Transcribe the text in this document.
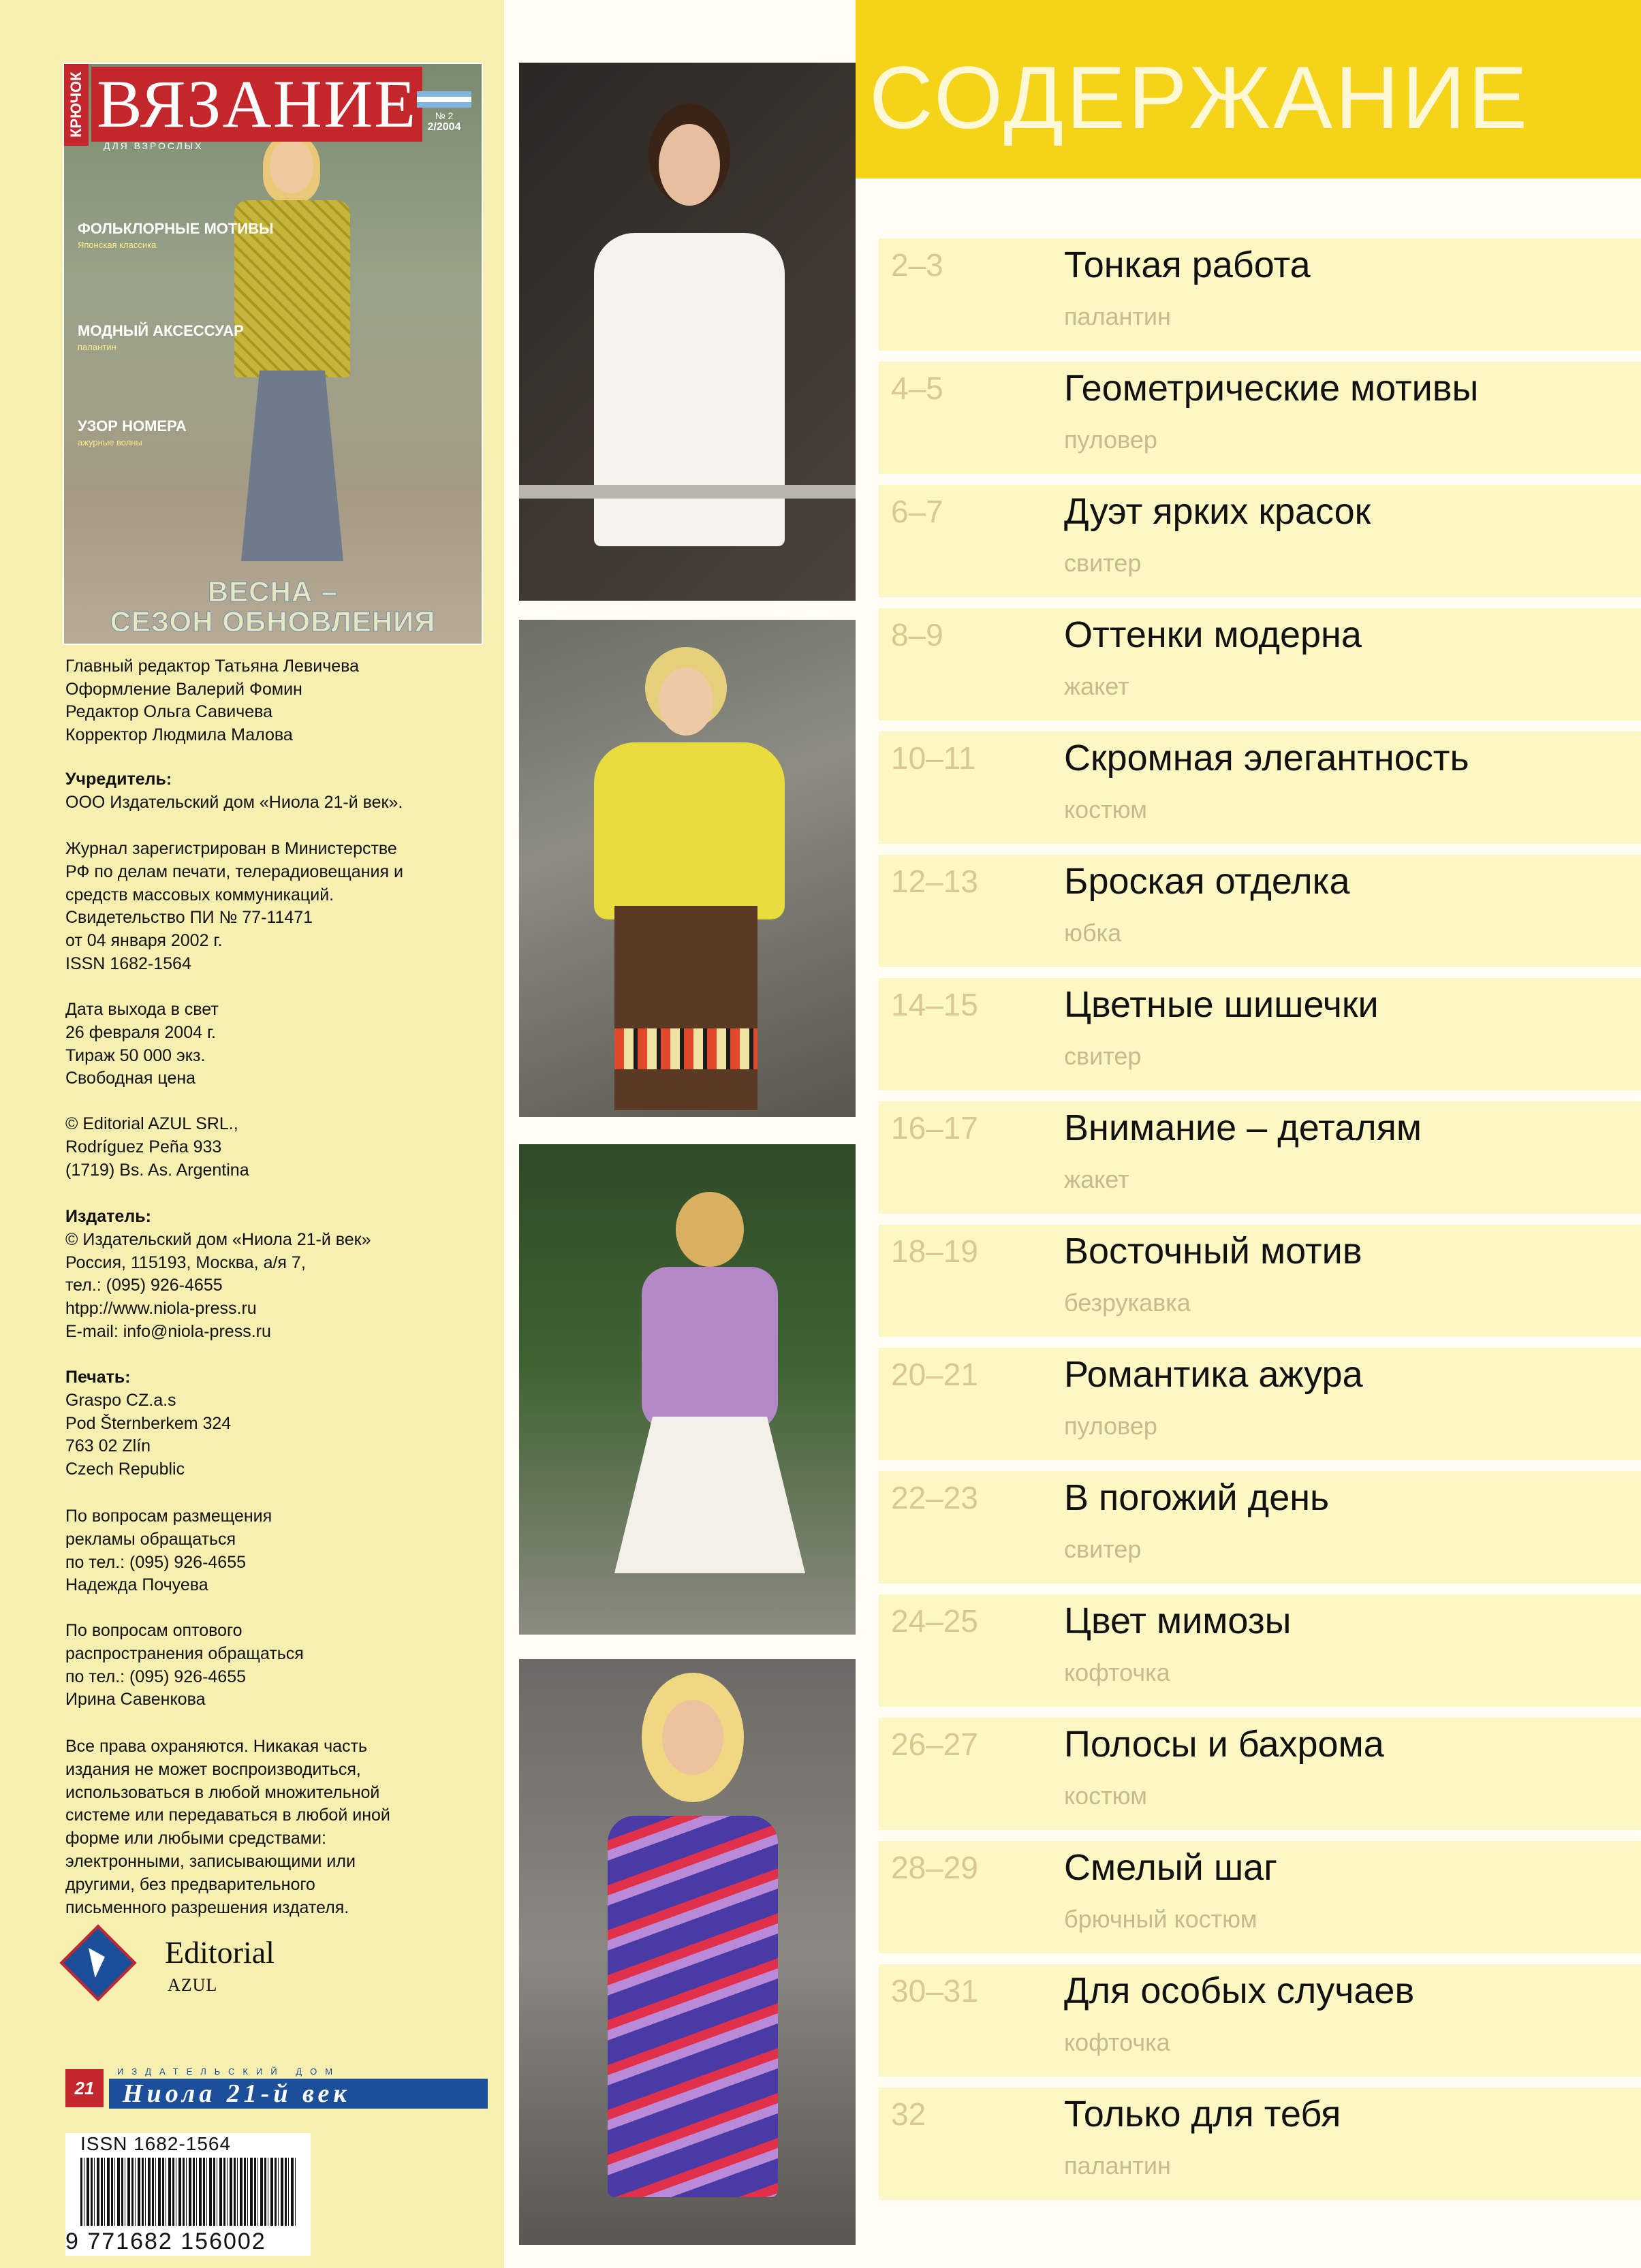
КРЮЧОК ВЯЗАНИЕ
ДЛЯ ВЗРОСЛЫХ
№ 2
2/2004
ФОЛЬКЛОРНЫЕ МОТИВЫ
Японская классика
МОДНЫЙ АКСЕССУАР
палантин
УЗОР НОМЕРА
ажурные волны
ВЕСНА –
СЕЗОН ОБНОВЛЕНИЯ
Главный редактор Татьяна Левичева
Оформление Валерий Фомин
Редактор Ольга Савичева
Корректор Людмила Малова

Учредитель:

ООО Издательский дом «Ниола 21-й век».

Журнал зарегистрирован в Министерстве

РФ по делам печати, телерадиовещания и

средств массовых коммуникаций.

Свидетельство ПИ № 77-11471

от 04 января 2002 г.

ISSN 1682-1564

Дата выхода в свет

26 февраля 2004 г.

Тираж 50 000 экз.

Свободная цена

© Editorial AZUL SRL.,

Rodríguez Peña 933

(1719) Bs. As. Argentina

Издатель:

© Издательский дом «Ниола 21-й век»

Россия, 115193, Москва, а/я 7,

тел.: (095) 926-4655

htpp://www.niola-press.ru

E-mail: info@niola-press.ru

Печать:

Graspo CZ.a.s

Pod Šternberkem 324

763 02 Zlín

Czech Republic

По вопросам размещения

рекламы обращаться

по тел.: (095) 926-4655

Надежда Почуева

По вопросам оптового

распространения обращаться

по тел.: (095) 926-4655

Ирина Савенкова

Все права охраняются. Никакая часть

издания не может воспроизводиться,

использоваться в любой множительной

системе или передаваться в любой иной

форме или любыми средствами:

электронными, записывающими или

другими, без предварительного

письменного разрешения издателя.

Editorial
AZUL
21
ИЗДАТЕЛЬСКИЙ ДОМ
Ниола 21-й век
ISSN 1682-1564
9 771682 156002
СОДЕРЖАНИЕ
2–3	Тонкая работа
палантин
4–5	Геометрические мотивы
пуловер
6–7	Дуэт ярких красок
свитер
8–9	Оттенки модерна
жакет
10–11 Скромная элегантность
костюм
12–13 Броская отделка
юбка
14–15 Цветные шишечки
свитер
16–17 Внимание – деталям
жакет
18–19 Восточный мотив
безрукавка
20–21 Романтика ажура
пуловер
22–23 В погожий день
свитер
24–25 Цвет мимозы
кофточка
26–27 Полосы и бахрома
костюм
28–29 Смелый шаг
брючный костюм
30–31 Для особых случаев
кофточка
32	Только для тебя
палантин
